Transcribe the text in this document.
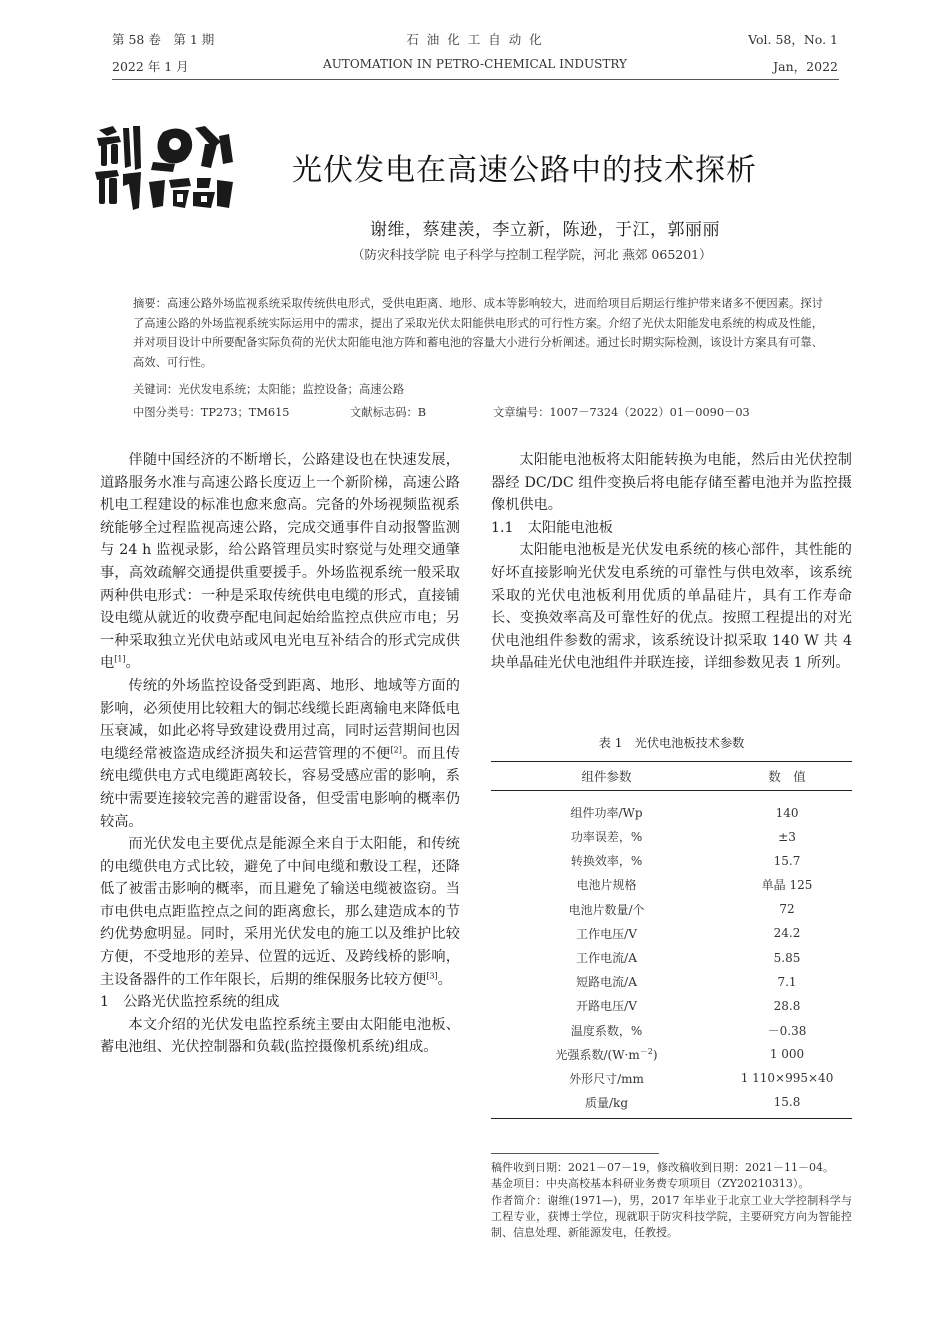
第 58 卷　第 1 期	石 油 化 工 自 动 化	Vol. 58，No. 1
2022 年 1 月	AUTOMATION IN PETRO-CHEMICAL INDUSTRY	Jan，2022
光伏发电在高速公路中的技术探析
谢维，蔡建羡，李立新，陈逊，于江，郭丽丽
（防灾科技学院 电子科学与控制工程学院，河北 燕郊 065201）
摘要：高速公路外场监视系统采取传统供电形式，受供电距离、地形、成本等影响较大，进而给项目后期运行维护带来诸多不便因素。探讨了高速公路的外场监视系统实际运用中的需求，提出了采取光伏太阳能供电形式的可行性方案。介绍了光伏太阳能发电系统的构成及性能，并对项目设计中所要配备实际负荷的光伏太阳能电池方阵和蓄电池的容量大小进行分析阐述。通过长时期实际检测，该设计方案具有可靠、高效、可行性。
关键词：光伏发电系统；太阳能；监控设备；高速公路
中图分类号：TP273；TM615	文献标志码：B	文章编号：1007－7324（2022）01－0090－03

伴随中国经济的不断增长，公路建设也在快速发展，道路服务水准与高速公路长度迈上一个新阶梯，高速公路机电工程建设的标准也愈来愈高。完备的外场视频监视系统能够全过程监视高速公路，完成交通事件自动报警监测与 24 h 监视录影，给公路管理员实时察觉与处理交通肇事，高效疏解交通提供重要援手。外场监视系统一般采取两种供电形式：一种是采取传统供电电缆的形式，直接铺设电缆从就近的收费亭配电间起始给监控点供应市电；另一种采取独立光伏电站或风电光电互补结合的形式完成供电[1]。

传统的外场监控设备受到距离、地形、地域等方面的影响，必须使用比较粗大的铜芯线缆长距离输电来降低电压衰减，如此必将导致建设费用过高，同时运营期间也因电缆经常被盗造成经济损失和运营管理的不便[2]。而且传统电缆供电方式电缆距离较长，容易受感应雷的影响，系统中需要连接较完善的避雷设备，但受雷电影响的概率仍较高。

而光伏发电主要优点是能源全来自于太阳能，和传统的电缆供电方式比较，避免了中间电缆和敷设工程，还降低了被雷击影响的概率，而且避免了输送电缆被盗窃。当市电供电点距监控点之间的距离愈长，那么建造成本的节约优势愈明显。同时，采用光伏发电的施工以及维护比较方便，不受地形的差异、位置的远近、及跨线桥的影响，主设备器件的工作年限长，后期的维保服务比较方便[3]。

1　公路光伏监控系统的组成

本文介绍的光伏发电监控系统主要由太阳能电池板、蓄电池组、光伏控制器和负载(监控摄像机系统)组成。

太阳能电池板将太阳能转换为电能，然后由光伏控制器经 DC/DC 组件变换后将电能存储至蓄电池并为监控摄像机供电。

1.1　太阳能电池板

太阳能电池板是光伏发电系统的核心部件，其性能的好坏直接影响光伏发电系统的可靠性与供电效率，该系统采取的光伏电池板利用优质的单晶硅片，具有工作寿命长、变换效率高及可靠性好的优点。按照工程提出的对光伏电池组件参数的需求，该系统设计拟采取 140 W 共 4 块单晶硅光伏电池组件并联连接，详细参数见表 1 所列。

表 1　光伏电池板技术参数
组件参数	数　值
组件功率/Wp	140
功率误差，%	±3
转换效率，%	15.7
电池片规格	单晶 125
电池片数量/个	72
工作电压/V	24.2
工作电流/A	5.85
短路电流/A	7.1
开路电压/V	28.8
温度系数，%	－0.38
光强系数$/(W\cdot m^{-2})$	1 000
外形尺寸/mm	1 110×995×40
质量/kg	15.8
稿件收到日期：2021－07－19，修改稿收到日期：2021－11－04。
基金项目：中央高校基本科研业务费专项项目（ZY20210313）。
作者简介：谢维(1971—)，男，2017 年毕业于北京工业大学控制科学与工程专业，获博士学位，现就职于防灾科技学院，主要研究方向为智能控制、信息处理、新能源发电，任教授。
